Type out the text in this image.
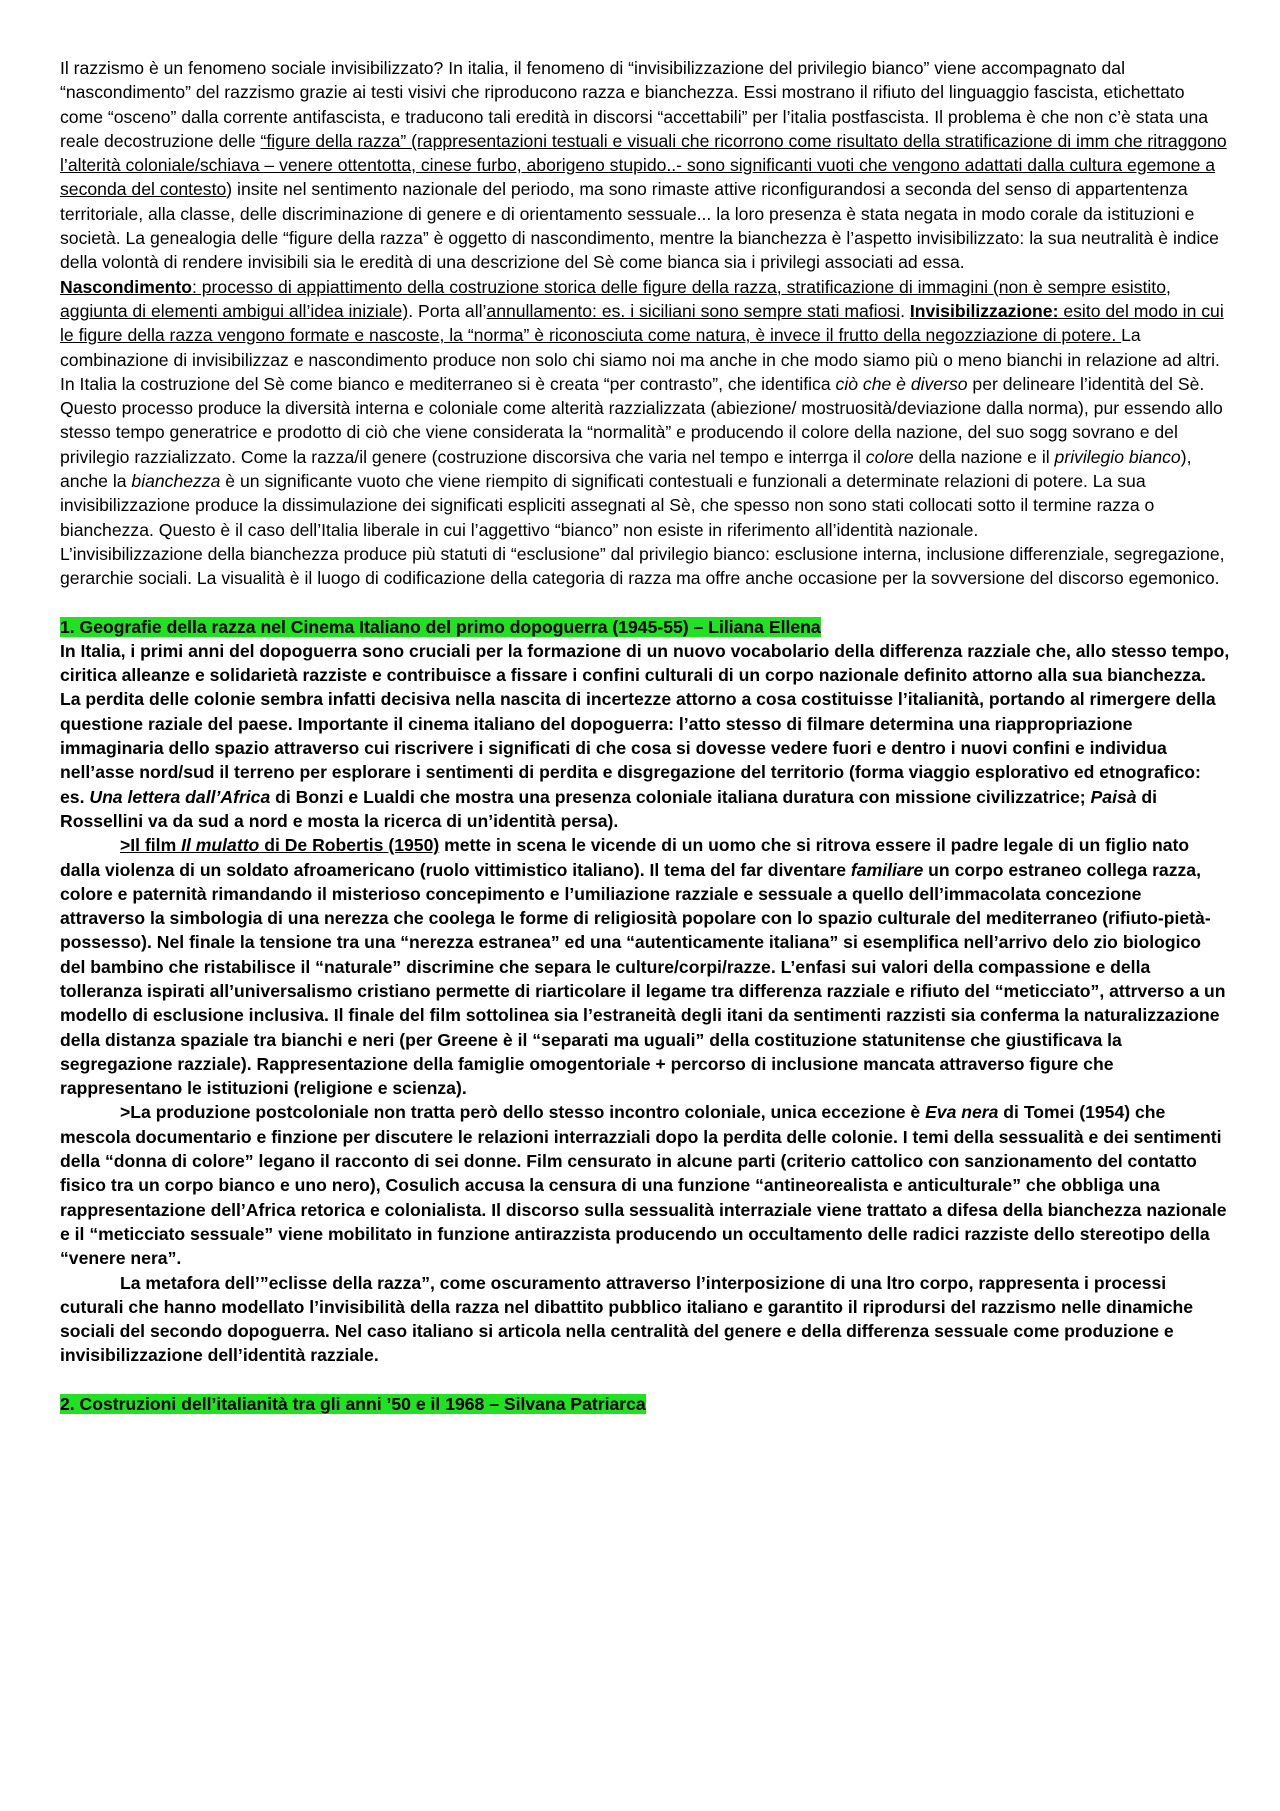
Il razzismo è un fenomeno sociale invisibilizzato? In italia, il fenomeno di “invisibilizzazione del privilegio bianco” viene accompagnato dal “nascondimento” del razzismo grazie ai testi visivi che riproducono razza e bianchezza. Essi mostrano il rifiuto del linguaggio fascista, etichettato come “osceno” dalla corrente antifascista, e traducono tali eredità in discorsi “accettabili” per l’italia postfascista. Il problema è che non c’è stata una reale decostruzione delle “figure della razza” (rappresentazioni testuali e visuali che ricorrono come risultato della stratificazione di imm che ritraggono l’alterità coloniale/schiava – venere ottentotta, cinese furbo, aborigeno stupido..- sono significanti vuoti che vengono adattati dalla cultura egemone a seconda del contesto) insite nel sentimento nazionale del periodo, ma sono rimaste attive riconfigurandosi a seconda del senso di appartentenza territoriale, alla classe, delle discriminazione di genere e di orientamento sessuale... la loro presenza è stata negata in modo corale da istituzioni e società. La genealogia delle “figure della razza” è oggetto di nascondimento, mentre la bianchezza è l’aspetto invisibilizzato: la sua neutralità è indice della volontà di rendere invisibili sia le eredità di una descrizione del Sè come bianca sia i privilegi associati ad essa.

Nascondimento: processo di appiattimento della costruzione storica delle figure della razza, stratificazione di immagini (non è sempre esistito, aggiunta di elementi ambigui all’idea iniziale). Porta all’annullamento: es. i siciliani sono sempre stati mafiosi. Invisibilizzazione: esito del modo in cui le figure della razza vengono formate e nascoste, la “norma” è riconosciuta come natura, è invece il frutto della negozziazione di potere. La combinazione di invisibilizzaz e nascondimento produce non solo chi siamo noi ma anche in che modo siamo più o meno bianchi in relazione ad altri.

In Italia la costruzione del Sè come bianco e mediterraneo si è creata “per contrasto”, che identifica ciò che è diverso per delineare l’identità del Sè. Questo processo produce la diversità interna e coloniale come alterità razzializzata (abiezione/ mostruosità/deviazione dalla norma), pur essendo allo stesso tempo generatrice e prodotto di ciò che viene considerata la “normalità” e producendo il colore della nazione, del suo sogg sovrano e del privilegio razzializzato. Come la razza/il genere (costruzione discorsiva che varia nel tempo e interrga il colore della nazione e il privilegio bianco), anche la bianchezza è un significante vuoto che viene riempito di significati contestuali e funzionali a determinate relazioni di potere. La sua invisibilizzazione produce la dissimulazione dei significati espliciti assegnati al Sè, che spesso non sono stati collocati sotto il termine razza o bianchezza. Questo è il caso dell’Italia liberale in cui l’aggettivo “bianco” non esiste in riferimento all’identità nazionale.

L’invisibilizzazione della bianchezza produce più statuti di “esclusione” dal privilegio bianco: esclusione interna, inclusione differenziale, segregazione, gerarchie sociali. La visualità è il luogo di codificazione della categoria di razza ma offre anche occasione per la sovversione del discorso egemonico.

1. Geografie della razza nel Cinema Italiano del primo dopoguerra (1945-55) – Liliana Ellena

In Italia, i primi anni del dopoguerra sono cruciali per la formazione di un nuovo vocabolario della differenza razziale che, allo stesso tempo, ciritica alleanze e solidarietà razziste e contribuisce a fissare i confini culturali di un corpo nazionale definito attorno alla sua bianchezza.

La perdita delle colonie sembra infatti decisiva nella nascita di incertezze attorno a cosa costituisse l’italianità, portando al rimergere della questione raziale del paese. Importante il cinema italiano del dopoguerra: l’atto stesso di filmare determina una riappropriazione immaginaria dello spazio attraverso cui riscrivere i significati di che cosa si dovesse vedere fuori e dentro i nuovi confini e individua nell’asse nord/sud il terreno per esplorare i sentimenti di perdita e disgregazione del territorio (forma viaggio esplorativo ed etnografico: es. Una lettera dall’Africa di Bonzi e Lualdi che mostra una presenza coloniale italiana duratura con missione civilizzatrice; Paisà di Rossellini va da sud a nord e mosta la ricerca di un’identità persa).

>Il film Il mulatto di De Robertis (1950) mette in scena le vicende di un uomo che si ritrova essere il padre legale di un figlio nato dalla violenza di un soldato afroamericano (ruolo vittimistico italiano). Il tema del far diventare familiare un corpo estraneo collega razza, colore e paternità rimandando il misterioso concepimento e l’umiliazione razziale e sessuale a quello dell’immacolata concezione attraverso la simbologia di una nerezza che coolega le forme di religiosità popolare con lo spazio culturale del mediterraneo (rifiuto-pietà-possesso). Nel finale la tensione tra una “nerezza estranea” ed una “autenticamente italiana” si esemplifica nell’arrivo delo zio biologico del bambino che ristabilisce il “naturale” discrimine che separa le culture/corpi/razze. L’enfasi sui valori della compassione e della tolleranza ispirati all’universalismo cristiano permette di riarticolare il legame tra differenza razziale e rifiuto del “meticciato”, attrverso a un modello di esclusione inclusiva. Il finale del film sottolinea sia l’estraneità degli itani da sentimenti razzisti sia conferma la naturalizzazione della distanza spaziale tra bianchi e neri (per Greene è il “separati ma uguali” della costituzione statunitense che giustificava la segregazione razziale). Rappresentazione della famiglie omogentoriale + percorso di inclusione mancata attraverso figure che rappresentano le istituzioni (religione e scienza).

>La produzione postcoloniale non tratta però dello stesso incontro coloniale, unica eccezione è Eva nera di Tomei (1954) che mescola documentario e finzione per discutere le relazioni interrazziali dopo la perdita delle colonie. I temi della sessualità e dei sentimenti della “donna di colore” legano il racconto di sei donne. Film censurato in alcune parti (criterio cattolico con sanzionamento del contatto fisico tra un corpo bianco e uno nero), Cosulich accusa la censura di una funzione “antineorealista e anticulturale” che obbliga una rappresentazione dell’Africa retorica e colonialista. Il discorso sulla sessualità interraziale viene trattato a difesa della bianchezza nazionale e il “meticciato sessuale” viene mobilitato in funzione antirazzista producendo un occultamento delle radici razziste dello stereotipo della “venere nera”.

La metafora dell’”eclisse della razza”, come oscuramento attraverso l’interposizione di una ltro corpo, rappresenta i processi cuturali che hanno modellato l’invisibilità della razza nel dibattito pubblico italiano e garantito il riprodursi del razzismo nelle dinamiche sociali del secondo dopoguerra. Nel caso italiano si articola nella centralità del genere e della differenza sessuale come produzione e invisibilizzazione dell’identità razziale.

2. Costruzioni dell’italianità tra gli anni ’50 e il 1968 – Silvana Patriarca
